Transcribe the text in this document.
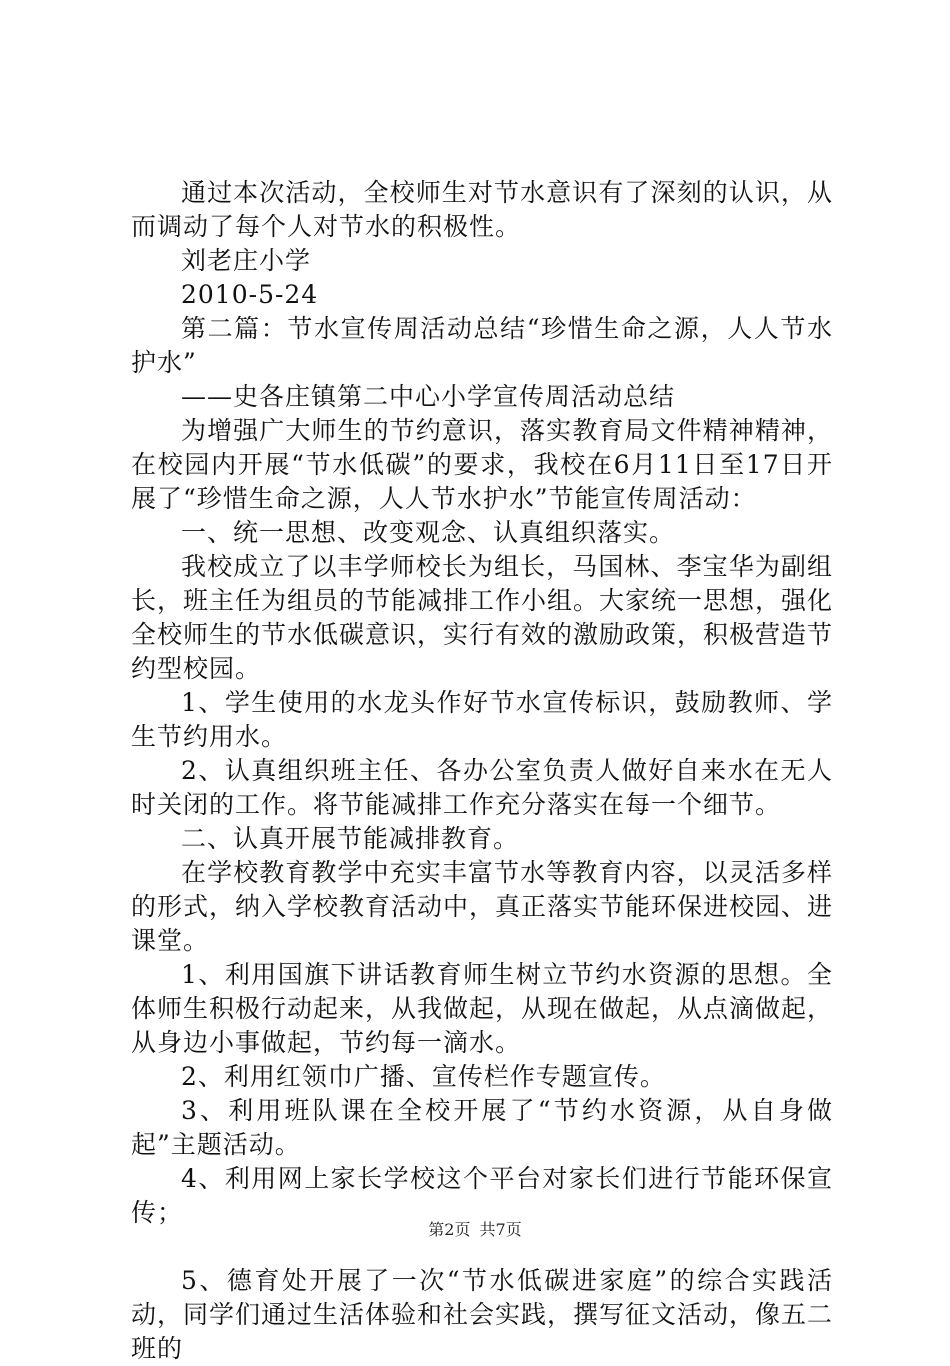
通过本次活动，全校师生对节水意识有了深刻的认识，从而调动了每个人对节水的积极性。

刘老庄小学

2010-5-24

第二篇：节水宣传周活动总结“珍惜生命之源，人人节水护水”

——史各庄镇第二中心小学宣传周活动总结

为增强广大师生的节约意识，落实教育局文件精神精神，在校园内开展“节水低碳”的要求，我校在6月11日至17日开展了“珍惜生命之源，人人节水护水”节能宣传周活动：

一、统一思想、改变观念、认真组织落实。

我校成立了以丰学师校长为组长，马国林、李宝华为副组长，班主任为组员的节能减排工作小组。大家统一思想，强化全校师生的节水低碳意识，实行有效的激励政策，积极营造节约型校园。

1、学生使用的水龙头作好节水宣传标识，鼓励教师、学生节约用水。

2、认真组织班主任、各办公室负责人做好自来水在无人时关闭的工作。将节能减排工作充分落实在每一个细节。

二、认真开展节能减排教育。

在学校教育教学中充实丰富节水等教育内容，以灵活多样的形式，纳入学校教育活动中，真正落实节能环保进校园、进课堂。

1、利用国旗下讲话教育师生树立节约水资源的思想。全体师生积极行动起来，从我做起，从现在做起，从点滴做起，从身边小事做起，节约每一滴水。

2、利用红领巾广播、宣传栏作专题宣传。

3、利用班队课在全校开展了“节约水资源，从自身做起”主题活动。

4、利用网上家长学校这个平台对家长们进行节能环保宣传；

5、德育处开展了一次“节水低碳进家庭”的综合实践活动，同学们通过生活体验和社会实践，撰写征文活动，像五二班的

第2页 共7页
